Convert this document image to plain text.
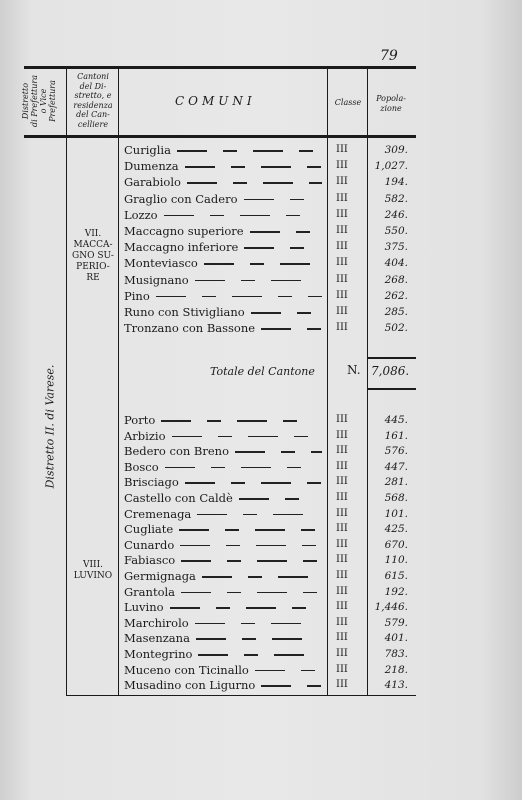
79
Distretto
di Prefettura
o Vice
Prefettura
Cantoni
del Di-
stretto, e
residenza
del Can-
celliere
COMUNI	Classe	Popola-
zione
Distretto II. di Varese.
VII.
MACCA-
GNO SU-
PERIO-
RE
VIII.
LUVINO
Curiglia	III	309.
Dumenza	III	1,027.
Garabiolo	III	194.
Graglio con Cadero	III	582.
Lozzo	III	246.
Maccagno superiore	III	550.
Maccagno inferiore	III	375.
Monteviasco	III	404.
Musignano	III	268.
Pino	III	262.
Runo con Stivigliano	III	285.
Tronzano con Bassone	III	502.
Totale del Cantone	N. 7,086.
Porto	III	445.
Arbizio	III	161.
Bedero con Breno	III	576.
Bosco	III	447.
Brisciago	III	281.
Castello con Caldè	III	568.
Cremenaga	III	101.
Cugliate	III	425.
Cunardo	III	670.
Fabiasco	III	110.
Germignaga	III	615.
Grantola	III	192.
Luvino	III	1,446.
Marchirolo	III	579.
Masenzana	III	401.
Montegrino	III	783.
Muceno con Ticinallo	III	218.
Musadino con Ligurno	III	413.
